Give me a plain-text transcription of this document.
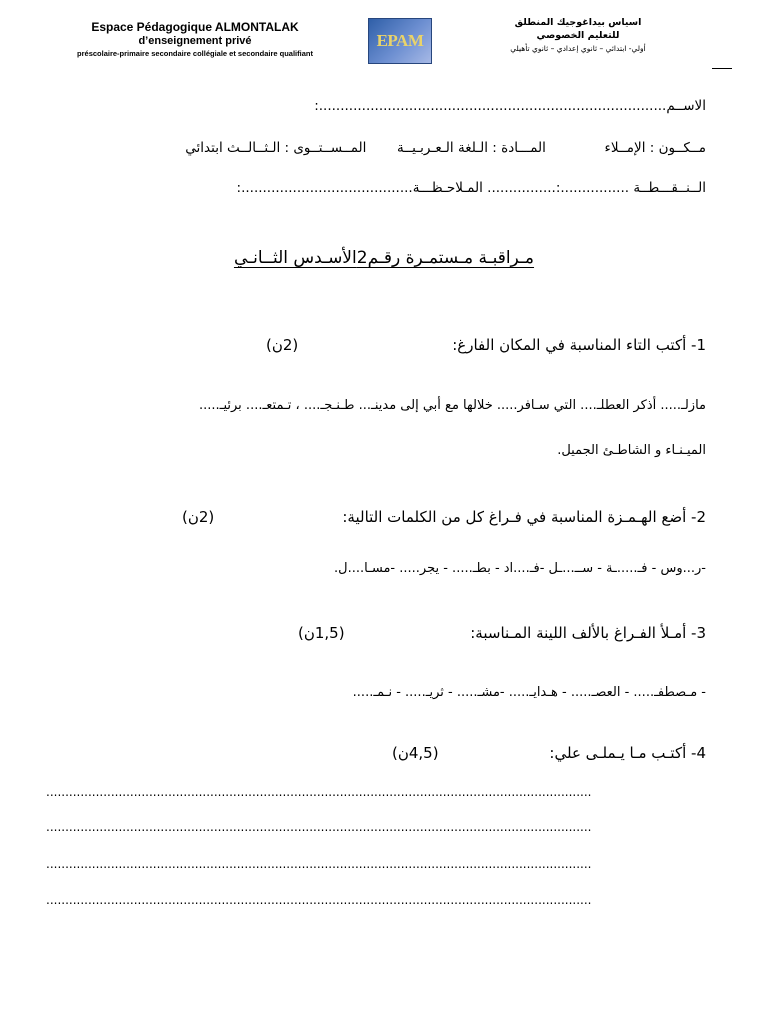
Espace Pédagogique ALMONTALAK
d’enseignement privé
préscolaire-primaire secondaire collégiale et secondaire qualifiant
EPAM
اسياس بيداغوجيك المنطلق
للتعليم الخصوصي
أولي- ابتدائي – ثانوي إعدادي – ثانوي تأهيلي
الاســم.................................................................................:
المــســتــوى : الـثــالــث ابتدائي المـــادة : الـلغة الـعـربـيــة	مــكــون : الإمــلاء
الــنــقـــطــة ................:................ المـلاحـظـــة........................................:
مـراقبـة مـستمـرة رقـم2الأسـدس الثــانـي
1- أكتب التاء المناسبة في المكان الفارغ:
(2ن)
مازلـ..... أذكر العطلـ.... التي سـافر..... خلالها مع أبي إلى مدينـ... طـنـجـ.... ، تـمتعـ.... برئيـ.....
الميـنـاء و الشاطـئ الجميل.
2- أضع الهـمـزة المناسبة في فـراغ كل من الكلمات التالية:
(2ن)
-ر...وس - فـ.....ـة - ســ...ـل -فـ....اد - بطـ..... - يجر..... -مسـا....ل.
3- أمـلأ الفـراغ بالألف اللينة المـناسبة:
(1,5ن)
- مـصطفـ..... - العصـ..... - هـدايـ..... -مشـ..... - ثريـ..... - نـمـ.....
4- أكتـب مـا يـملـى علي:
(4,5ن)
...............................................................................................................................................
...............................................................................................................................................
...............................................................................................................................................
...............................................................................................................................................
